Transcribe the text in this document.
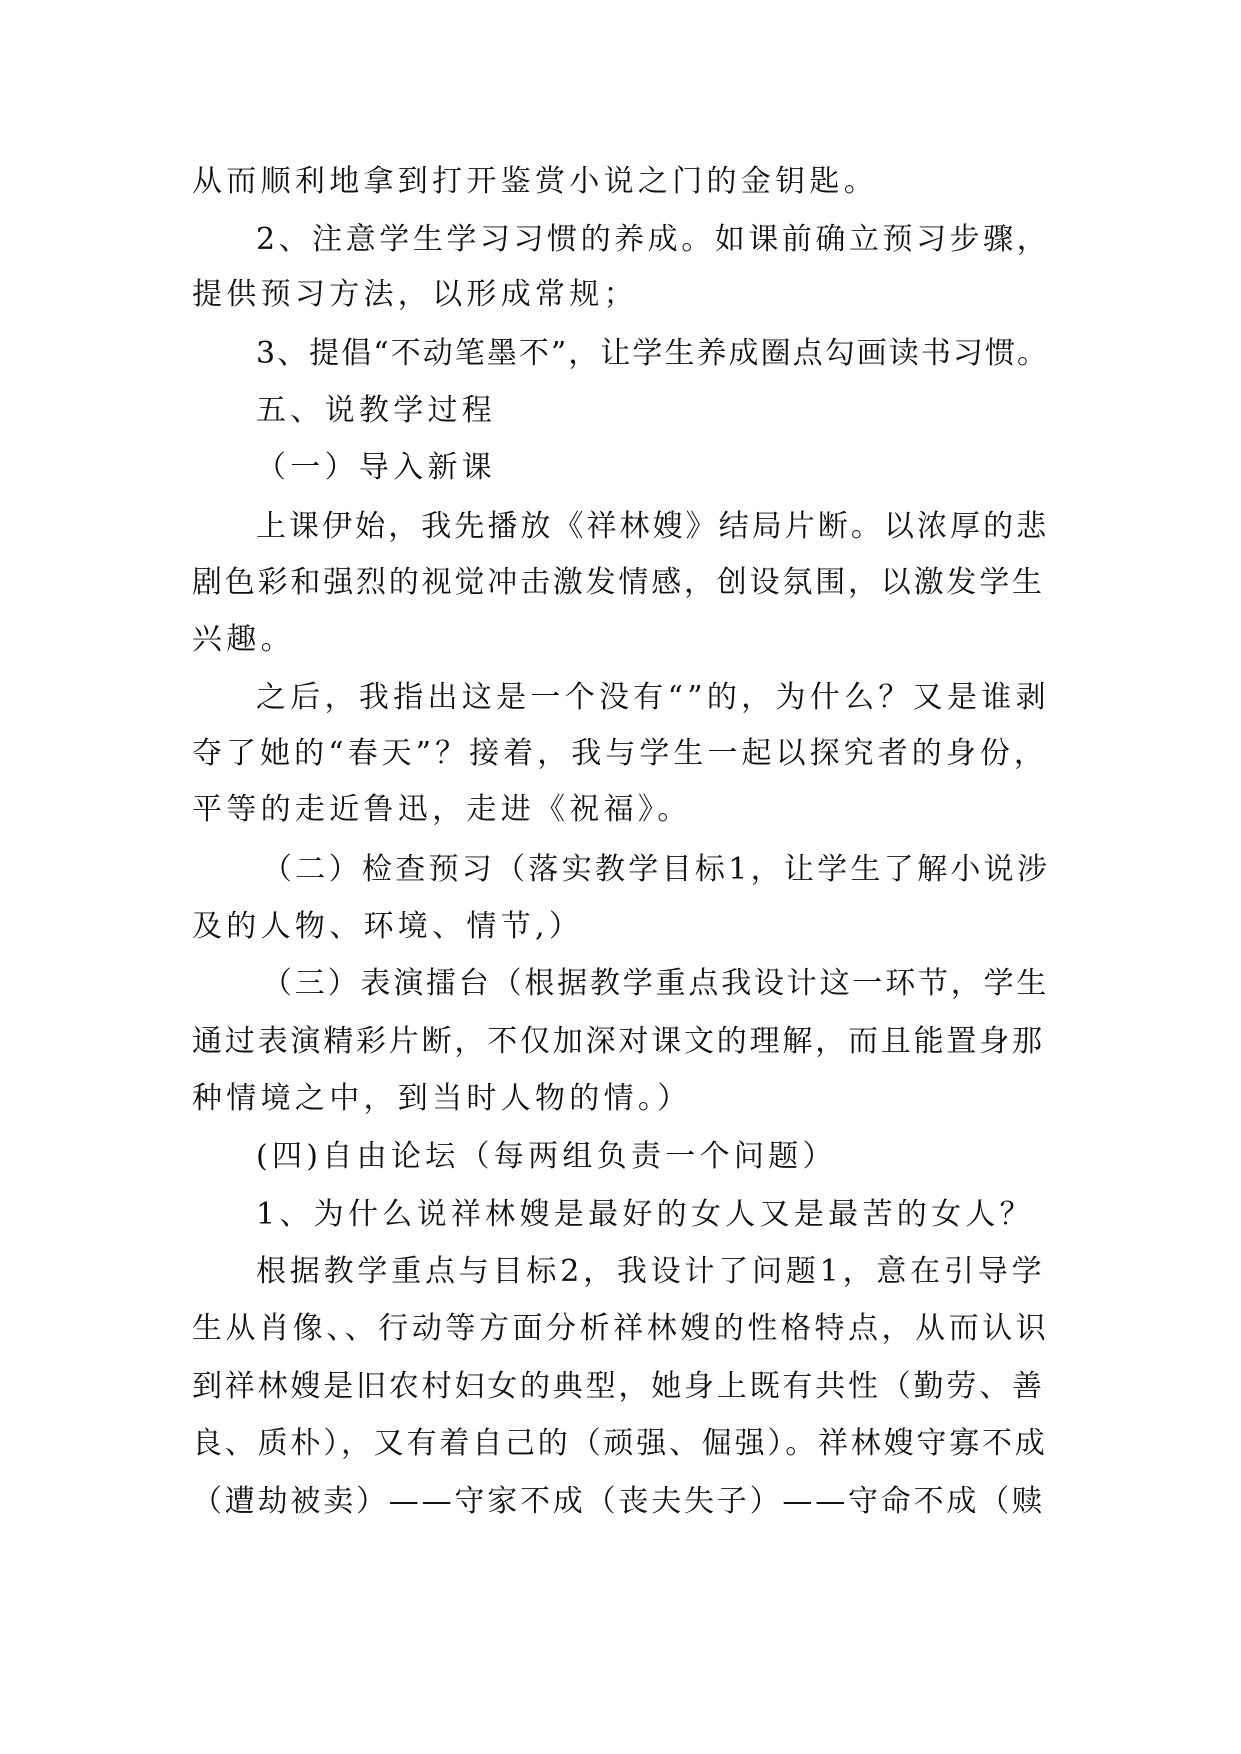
从而顺利地拿到打开鉴赏小说之门的金钥匙。
2、注意学生学习习惯的养成。如课前确立预习步骤，
提供预习方法，以形成常规；
3、提倡“不动笔墨不”，让学生养成圈点勾画读书习惯。
五、说教学过程
（一）导入新课
上课伊始，我先播放《祥林嫂》结局片断。以浓厚的悲
剧色彩和强烈的视觉冲击激发情感，创设氛围，以激发学生
兴趣。
之后，我指出这是一个没有“”的，为什么？又是谁剥
夺了她的“春天”？接着，我与学生一起以探究者的身份，
平等的走近鲁迅，走进《祝福》。
（二）检查预习（落实教学目标1，让学生了解小说涉
及的人物、环境、情节,）
（三）表演擂台（根据教学重点我设计这一环节，学生
通过表演精彩片断，不仅加深对课文的理解，而且能置身那
种情境之中，到当时人物的情。）
(四)自由论坛（每两组负责一个问题）
1、为什么说祥林嫂是最好的女人又是最苦的女人？
根据教学重点与目标2，我设计了问题1，意在引导学
生从肖像、、行动等方面分析祥林嫂的性格特点，从而认识
到祥林嫂是旧农村妇女的典型，她身上既有共性（勤劳、善
良、质朴），又有着自己的（顽强、倔强）。祥林嫂守寡不成
（遭劫被卖）——守家不成（丧夫失子）——守命不成（赎
